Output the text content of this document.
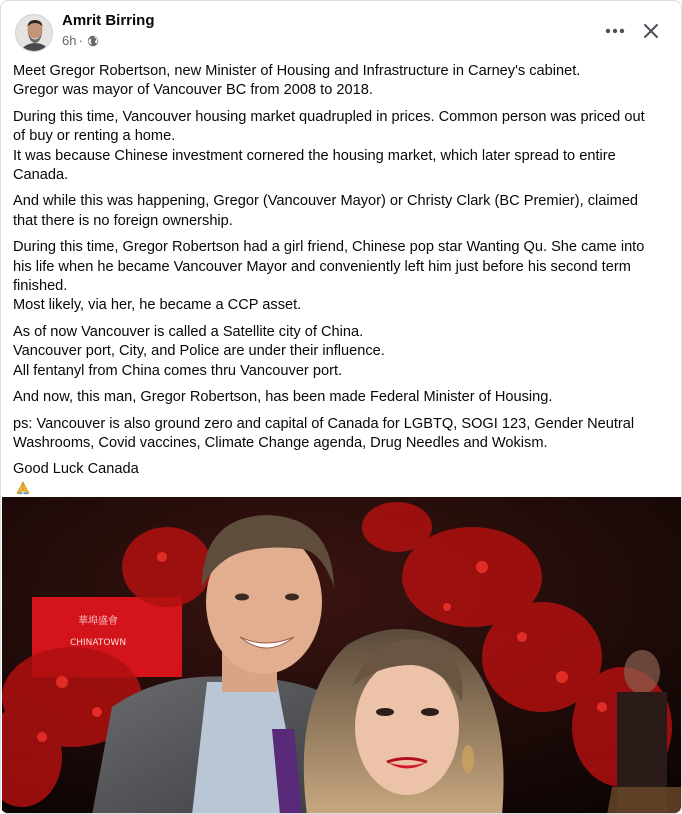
Amrit Birring
6h ·
Meet Gregor Robertson, new Minister of Housing and Infrastructure in Carney's cabinet.
Gregor was mayor of Vancouver BC from 2008 to 2018.
During this time, Vancouver housing market quadrupled in prices. Common person was priced out
of buy or renting a home.
It was because Chinese investment cornered the housing market, which later spread to entire
Canada.
And while this was happening, Gregor (Vancouver Mayor) or Christy Clark (BC Premier), claimed
that there is no foreign ownership.
During this time, Gregor Robertson had a girl friend, Chinese pop star Wanting Qu. She came into
his life when he became Vancouver Mayor and conveniently left him just before his second term
finished.
Most likely, via her, he became a CCP asset.
As of now Vancouver is called a Satellite city of China.
Vancouver port, City, and Police are under their influence.
All fentanyl from China comes thru Vancouver port.
And now, this man, Gregor Robertson, has been made Federal Minister of Housing.
ps: Vancouver is also ground zero and capital of Canada for LGBTQ, SOGI 123, Gender Neutral
Washrooms, Covid vaccines, Climate Change agenda, Drug Needles and Wokism.
Good Luck Canada
華埠盛會
CHINATOWN
